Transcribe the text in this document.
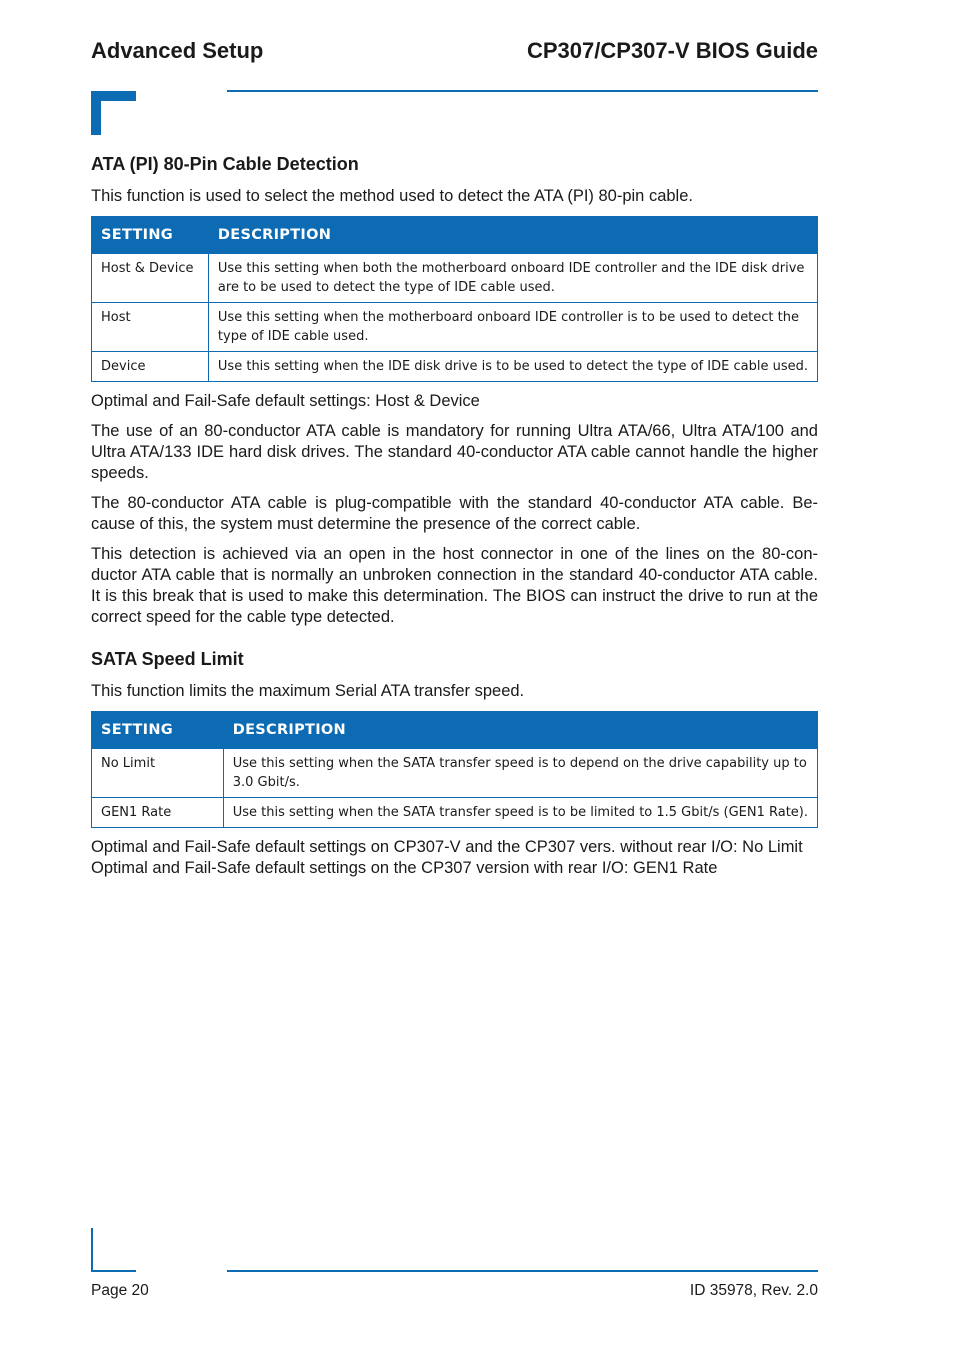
Advanced Setup	CP307/CP307-V BIOS Guide
ATA (PI) 80-Pin Cable Detection

This function is used to select the method used to detect the ATA (PI) 80-pin cable.

SETTING	DESCRIPTION
Host & Device	Use this setting when both the motherboard onboard IDE controller and the IDE disk drive are to be used to detect the type of IDE cable used.
Host	Use this setting when the motherboard onboard IDE controller is to be used to detect the type of IDE cable used.
Device	Use this setting when the IDE disk drive is to be used to detect the type of IDE cable used.

Optimal and Fail-Safe default settings: Host & Device

The use of an 80-conductor ATA cable is mandatory for running Ultra ATA/66, Ultra ATA/100 and Ultra ATA/133 IDE hard disk drives. The standard 40-conductor ATA cable cannot handle the higher speeds.

The 80-conductor ATA cable is plug-compatible with the standard 40-conductor ATA cable. Be-cause of this, the system must determine the presence of the correct cable.

This detection is achieved via an open in the host connector in one of the lines on the 80-con-ductor ATA cable that is normally an unbroken connection in the standard 40-conductor ATA cable. It is this break that is used to make this determination. The BIOS can instruct the drive to run at the correct speed for the cable type detected.

SATA Speed Limit

This function limits the maximum Serial ATA transfer speed.

SETTING	DESCRIPTION
No Limit	Use this setting when the SATA transfer speed is to depend on the drive capability up to 3.0 Gbit/s.
GEN1 Rate	Use this setting when the SATA transfer speed is to be limited to 1.5 Gbit/s (GEN1 Rate).

Optimal and Fail-Safe default settings on CP307-V and the CP307 vers. without rear I/O: No Limit
Optimal and Fail-Safe default settings on the CP307 version with rear I/O: GEN1 Rate

Page 20	ID 35978, Rev. 2.0
